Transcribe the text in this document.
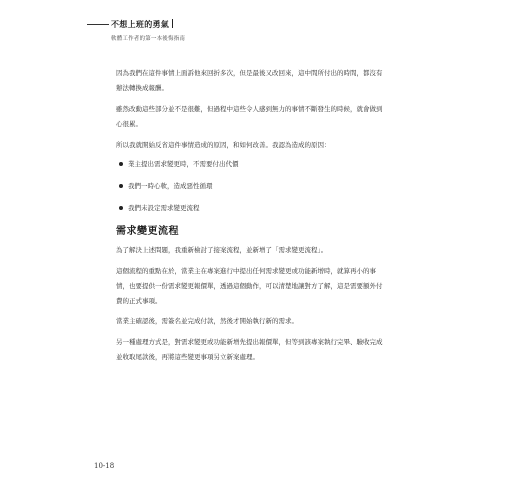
不想上班的勇氣
軟體工作者的第一本後悔指南

因為我們在這件事情上面訴他來回折多次，但是最後又改回來，這中間所付出的時間，都沒有辦法轉換成報酬。

雖然改動這些部分並不是很難，但過程中這些令人感到無力的事情不斷發生的時候，就會做到心很累。

所以我就開始反省這件事情造成的原因，和如何改善。我認為造成的原因：

業主提出需求變更時，不需要付出代價
我們一時心軟，造成惡性循環
我們未設定需求變更流程
需求變更流程

為了解決上述問題，我重新檢討了接案流程，並新增了「需求變更流程」。

這個流程的重點在於，當業主在專案進行中提出任何需求變更或功能新增時，就算再小的事情，也要提供一份需求變更報價單，透過這個動作，可以清楚地讓對方了解，這是需要額外付費的正式事項。

當業主確認後，需簽名並完成付款，然後才開始執行新的需求。

另一種處理方式是，對需求變更或功能新增先提出報價單，但等到該專案執行完畢、驗收完成並收取尾款後，再將這些變更事項另立新案處理。

10-18
